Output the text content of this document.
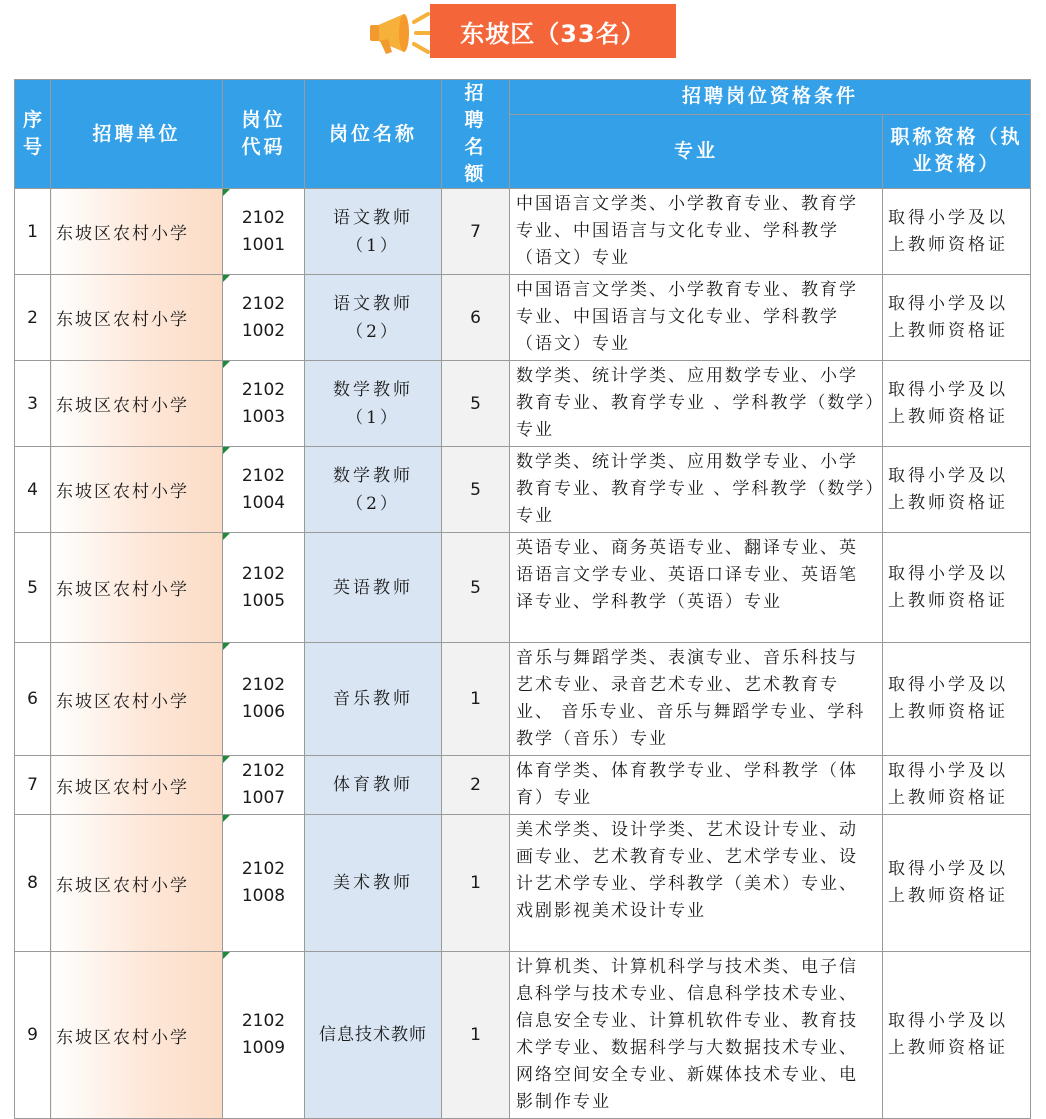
东坡区（33名）
序号	招聘单位	岗位代码	岗位名称	招聘名额	招聘岗位资格条件	
					专业	职称资格（执业资格）
1	东坡区农村小学	21021001	语文教师（1）	7	中国语言文学类、小学教育专业、教育学专业、中国语言与文化专业、学科教学（语文）专业	取得小学及以上教师资格证
2	东坡区农村小学	21021002	语文教师（2）	6	中国语言文学类、小学教育专业、教育学专业、中国语言与文化专业、学科教学（语文）专业	取得小学及以上教师资格证
3	东坡区农村小学	21021003	数学教师（1）	5	数学类、统计学类、应用数学专业、小学教育专业、教育学专业 、学科教学（数学）专业	取得小学及以上教师资格证
4	东坡区农村小学	21021004	数学教师（2）	5	数学类、统计学类、应用数学专业、小学教育专业、教育学专业 、学科教学（数学）专业	取得小学及以上教师资格证
5	东坡区农村小学	21021005	英语教师	5	英语专业、商务英语专业、翻译专业、英语语言文学专业、英语口译专业、英语笔译专业、学科教学（英语）专业	取得小学及以上教师资格证
6	东坡区农村小学	21021006	音乐教师	1	音乐与舞蹈学类、表演专业、音乐科技与艺术专业、录音艺术专业、艺术教育专业、 音乐专业、音乐与舞蹈学专业、学科教学（音乐）专业	取得小学及以上教师资格证
7	东坡区农村小学	21021007	体育教师	2	体育学类、体育教学专业、学科教学（体育）专业	取得小学及以上教师资格证
8	东坡区农村小学	21021008	美术教师	1	美术学类、设计学类、艺术设计专业、动画专业、艺术教育专业、艺术学专业、设计艺术学专业、学科教学（美术）专业、戏剧影视美术设计专业	取得小学及以上教师资格证
9	东坡区农村小学	21021009	信息技术教师	1	计算机类、计算机科学与技术类、电子信息科学与技术专业、信息科学技术专业、信息安全专业、计算机软件专业、教育技术学专业、数据科学与大数据技术专业、网络空间安全专业、新媒体技术专业、电影制作专业	取得小学及以上教师资格证
